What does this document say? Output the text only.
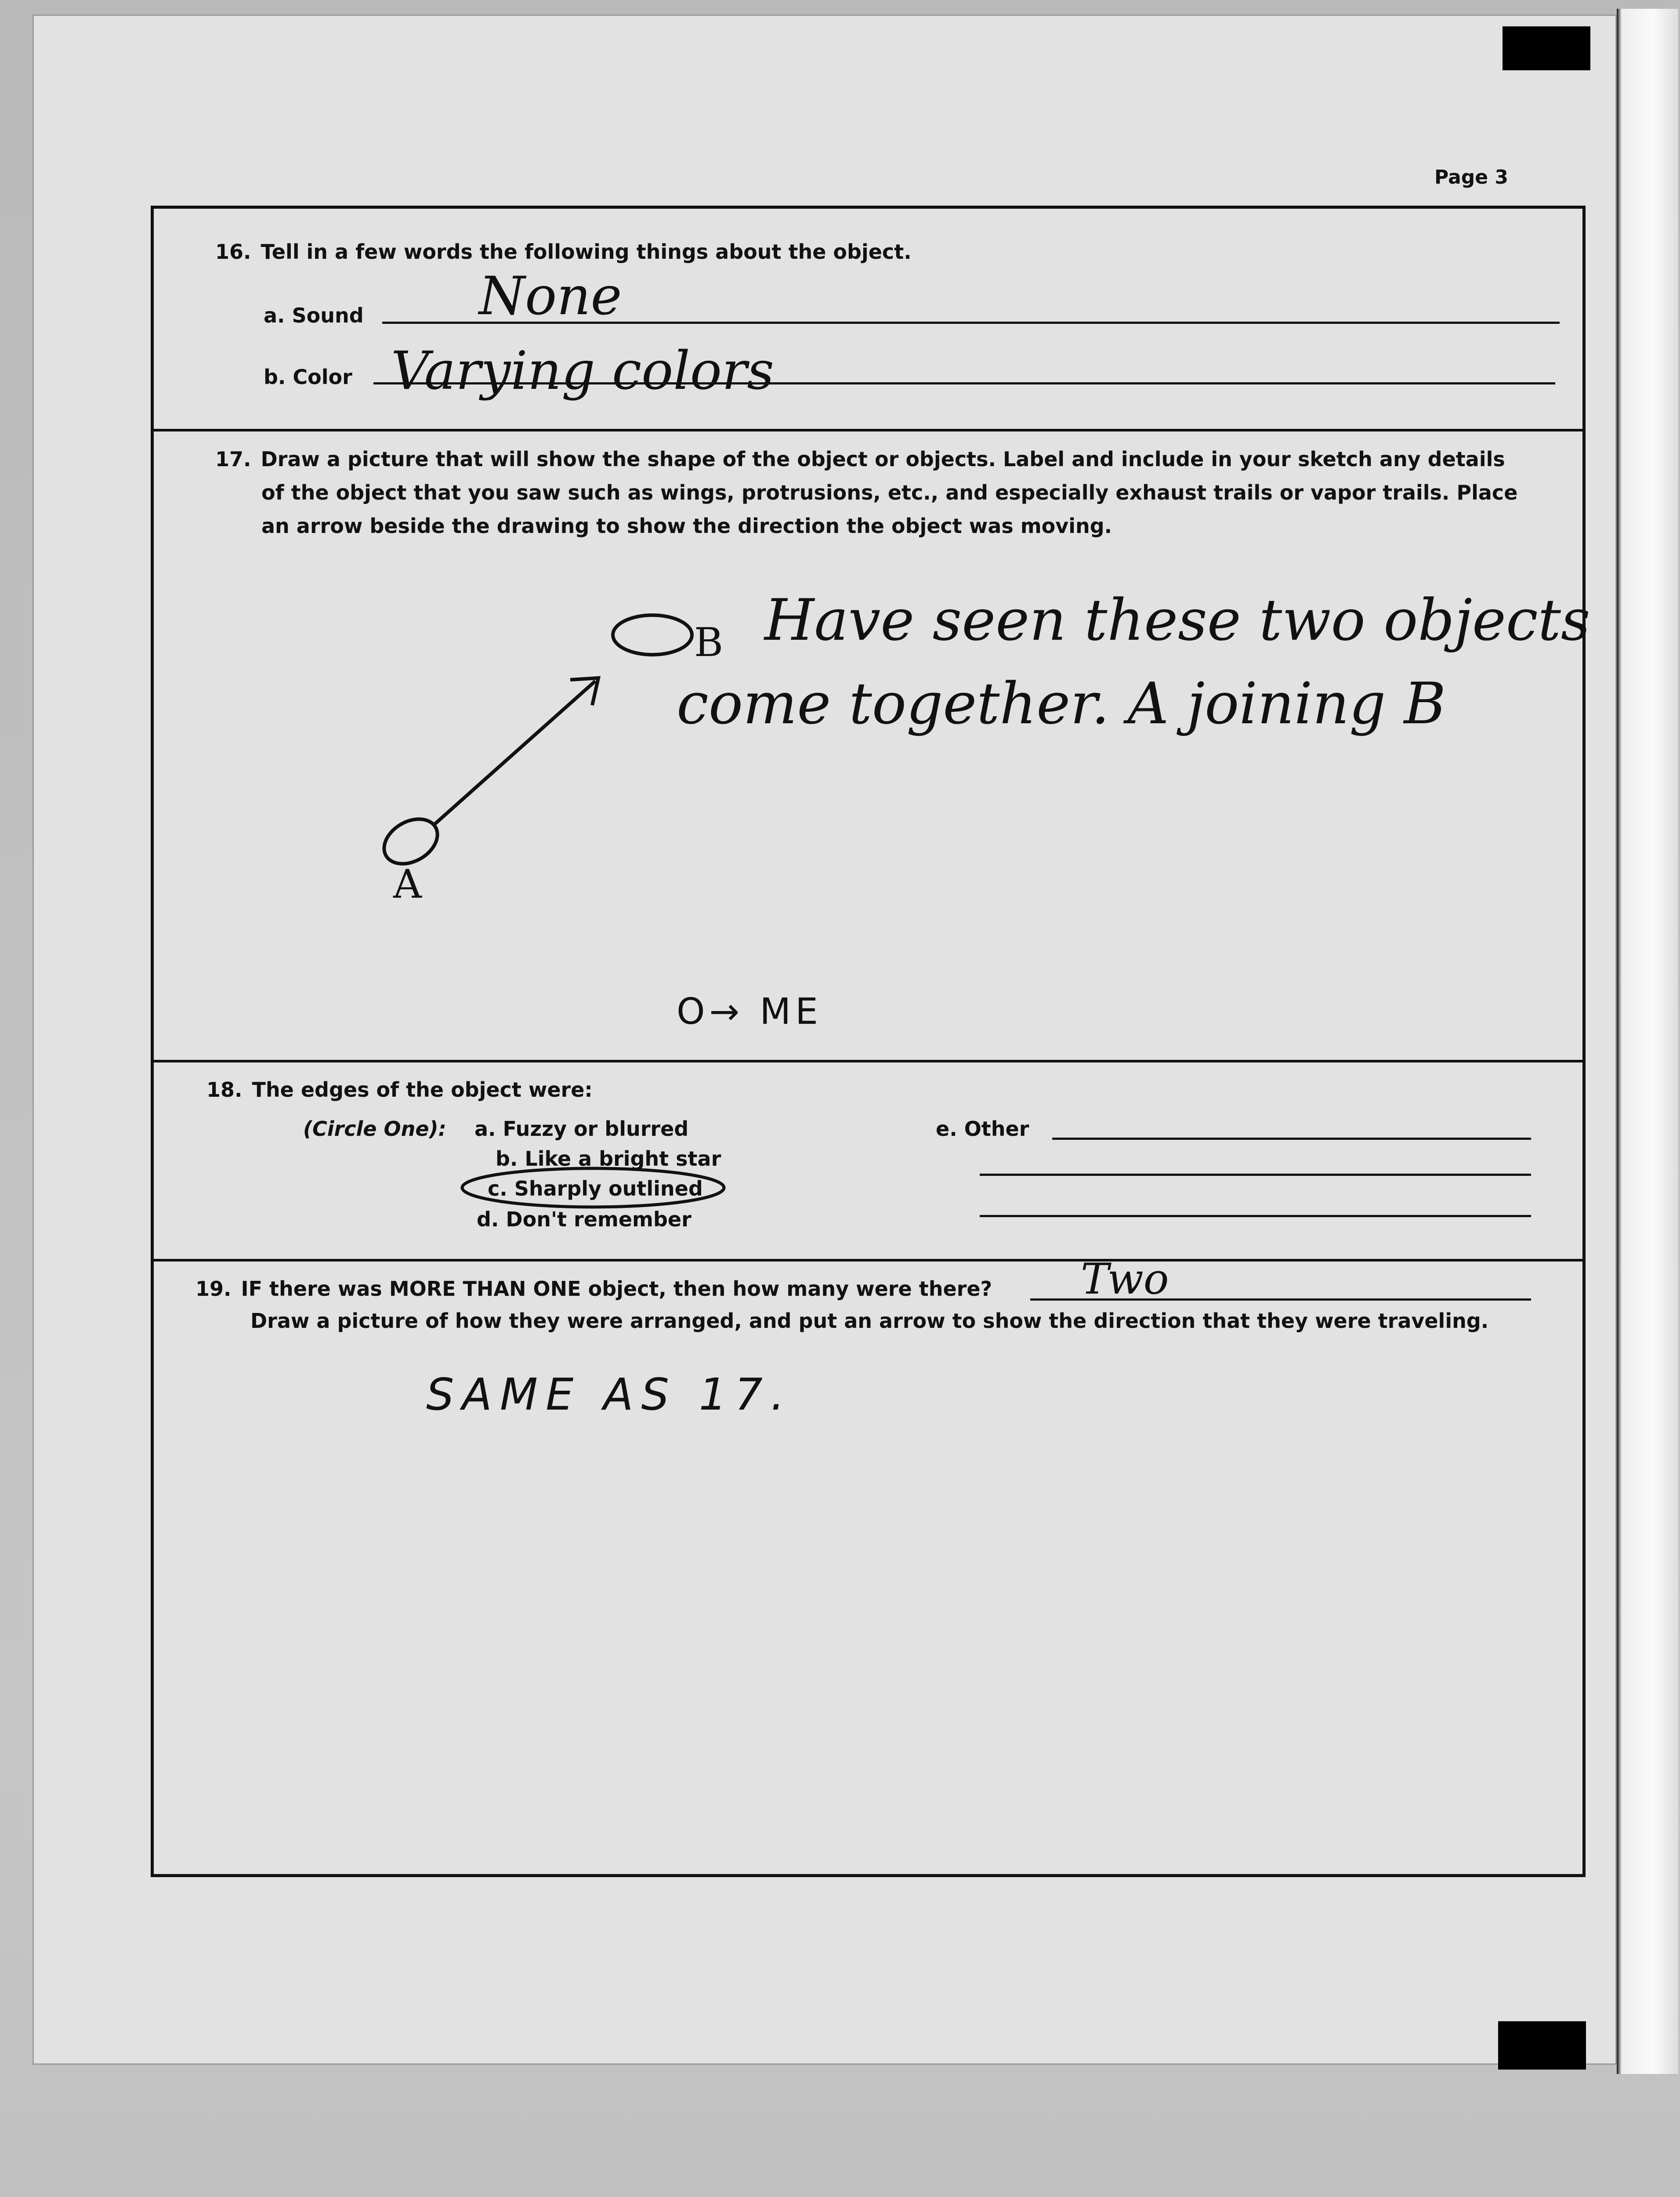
Page 3
16. Tell in a few words the following things about the object.
a. Sound None
b. Color Varying colors
17. Draw a picture that will show the shape of the object or objects. Label and include in your sketch any details
of the object that you saw such as wings, protrusions, etc., and especially exhaust trails or vapor trails. Place
an arrow beside the drawing to show the direction the object was moving.
A
B Have seen these two objects
come together. A joining B
O→ ME
18. The edges of the object were:
(Circle One): a. Fuzzy or blurred
b. Like a bright star
c. Sharply outlined
d. Don't remember
e. Other
19. IF there was MORE THAN ONE object, then how many were there? Two
Draw a picture of how they were arranged, and put an arrow to show the direction that they were traveling.
SAME AS 17.
